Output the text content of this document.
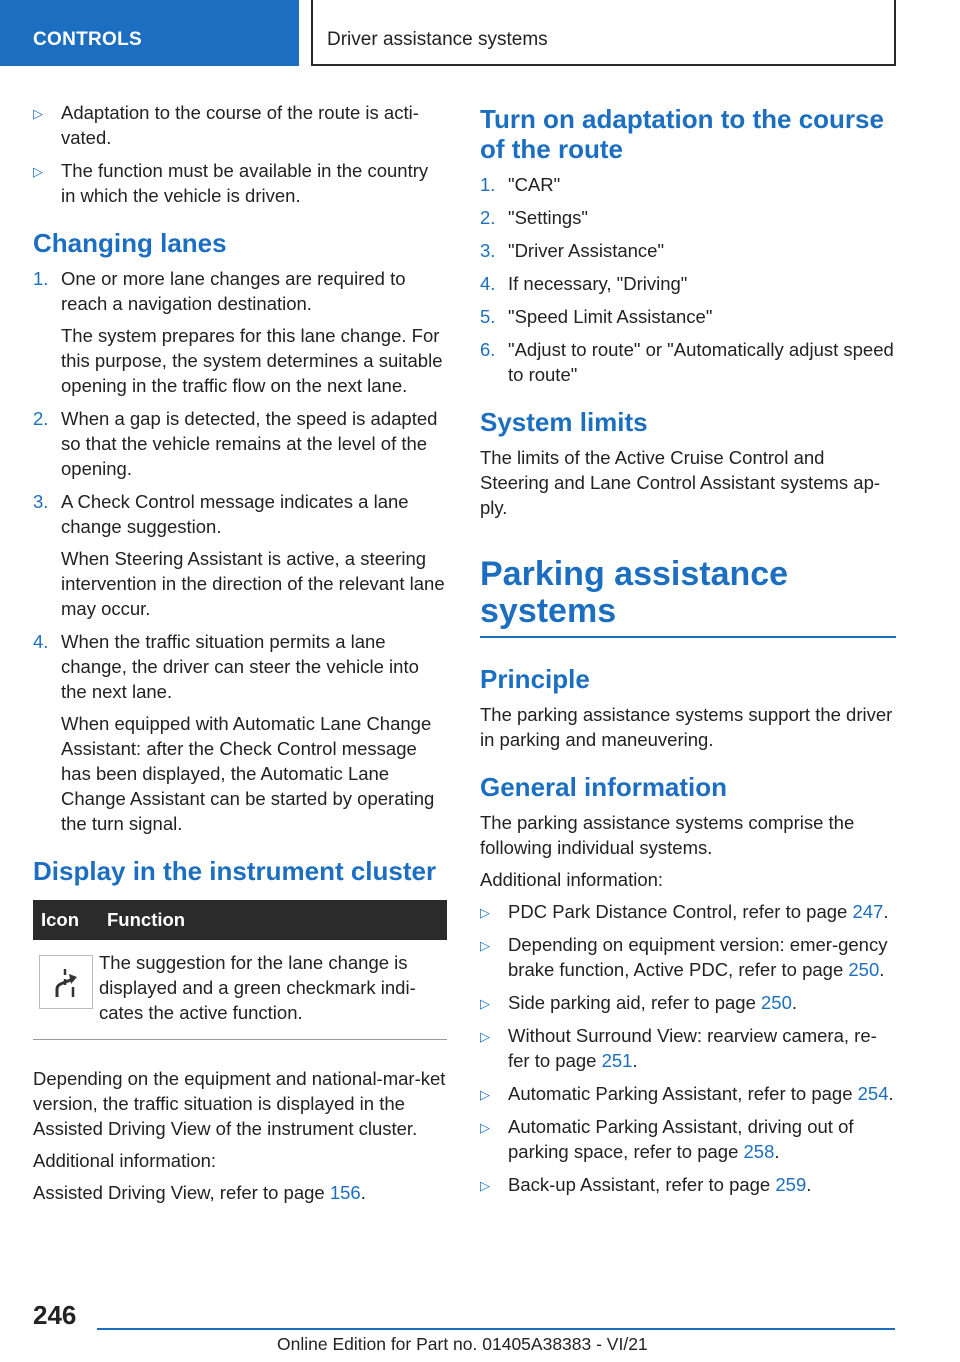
CONTROLS	Driver assistance systems
▷ Adaptation to the course of the route is acti- vated.
▷ The function must be available in the country in which the vehicle is driven.
Changing lanes
1. One or more lane changes are required to reach a navigation destination.

The system prepares for this lane change. For this purpose, the system determines a suitable opening in the traffic flow on the next lane.

2. When a gap is detected, the speed is adapted so that the vehicle remains at the level of the opening.

3. A Check Control message indicates a lane change suggestion.

When Steering Assistant is active, a steering intervention in the direction of the relevant lane may occur.

4. When the traffic situation permits a lane change, the driver can steer the vehicle into the next lane.

When equipped with Automatic Lane Change Assistant: after the Check Control message has been displayed, the Automatic Lane Change Assistant can be started by operating the turn signal.

Display in the instrument cluster
Icon	Function

	The suggestion for the lane change is displayed and a green checkmark indi-cates the active function.

Depending on the equipment and national-mar-ket version, the traffic situation is displayed in the Assisted Driving View of the instrument cluster.

Additional information:

Assisted Driving View, refer to page 156.

Turn on adaptation to the course of the route
1. "CAR"

2. "Settings"

3. "Driver Assistance"

4. If necessary, "Driving"

5. "Speed Limit Assistance"

6. "Adjust to route" or "Automatically adjust speed to route"

System limits

The limits of the Active Cruise Control and Steering and Lane Control Assistant systems ap-ply.

Parking assistance systems
Principle

The parking assistance systems support the driver in parking and maneuvering.

General information

The parking assistance systems comprise the following individual systems.

Additional information:

▷ PDC Park Distance Control, refer to page 247.
▷ Depending on equipment version: emer-gency brake function, Active PDC, refer to page 250.
▷ Side parking aid, refer to page 250.
▷ Without Surround View: rearview camera, re-fer to page 251.
▷ Automatic Parking Assistant, refer to page 254.
▷ Automatic Parking Assistant, driving out of parking space, refer to page 258.
▷ Back-up Assistant, refer to page 259.
246
Online Edition for Part no. 01405A38383 - VI/21
